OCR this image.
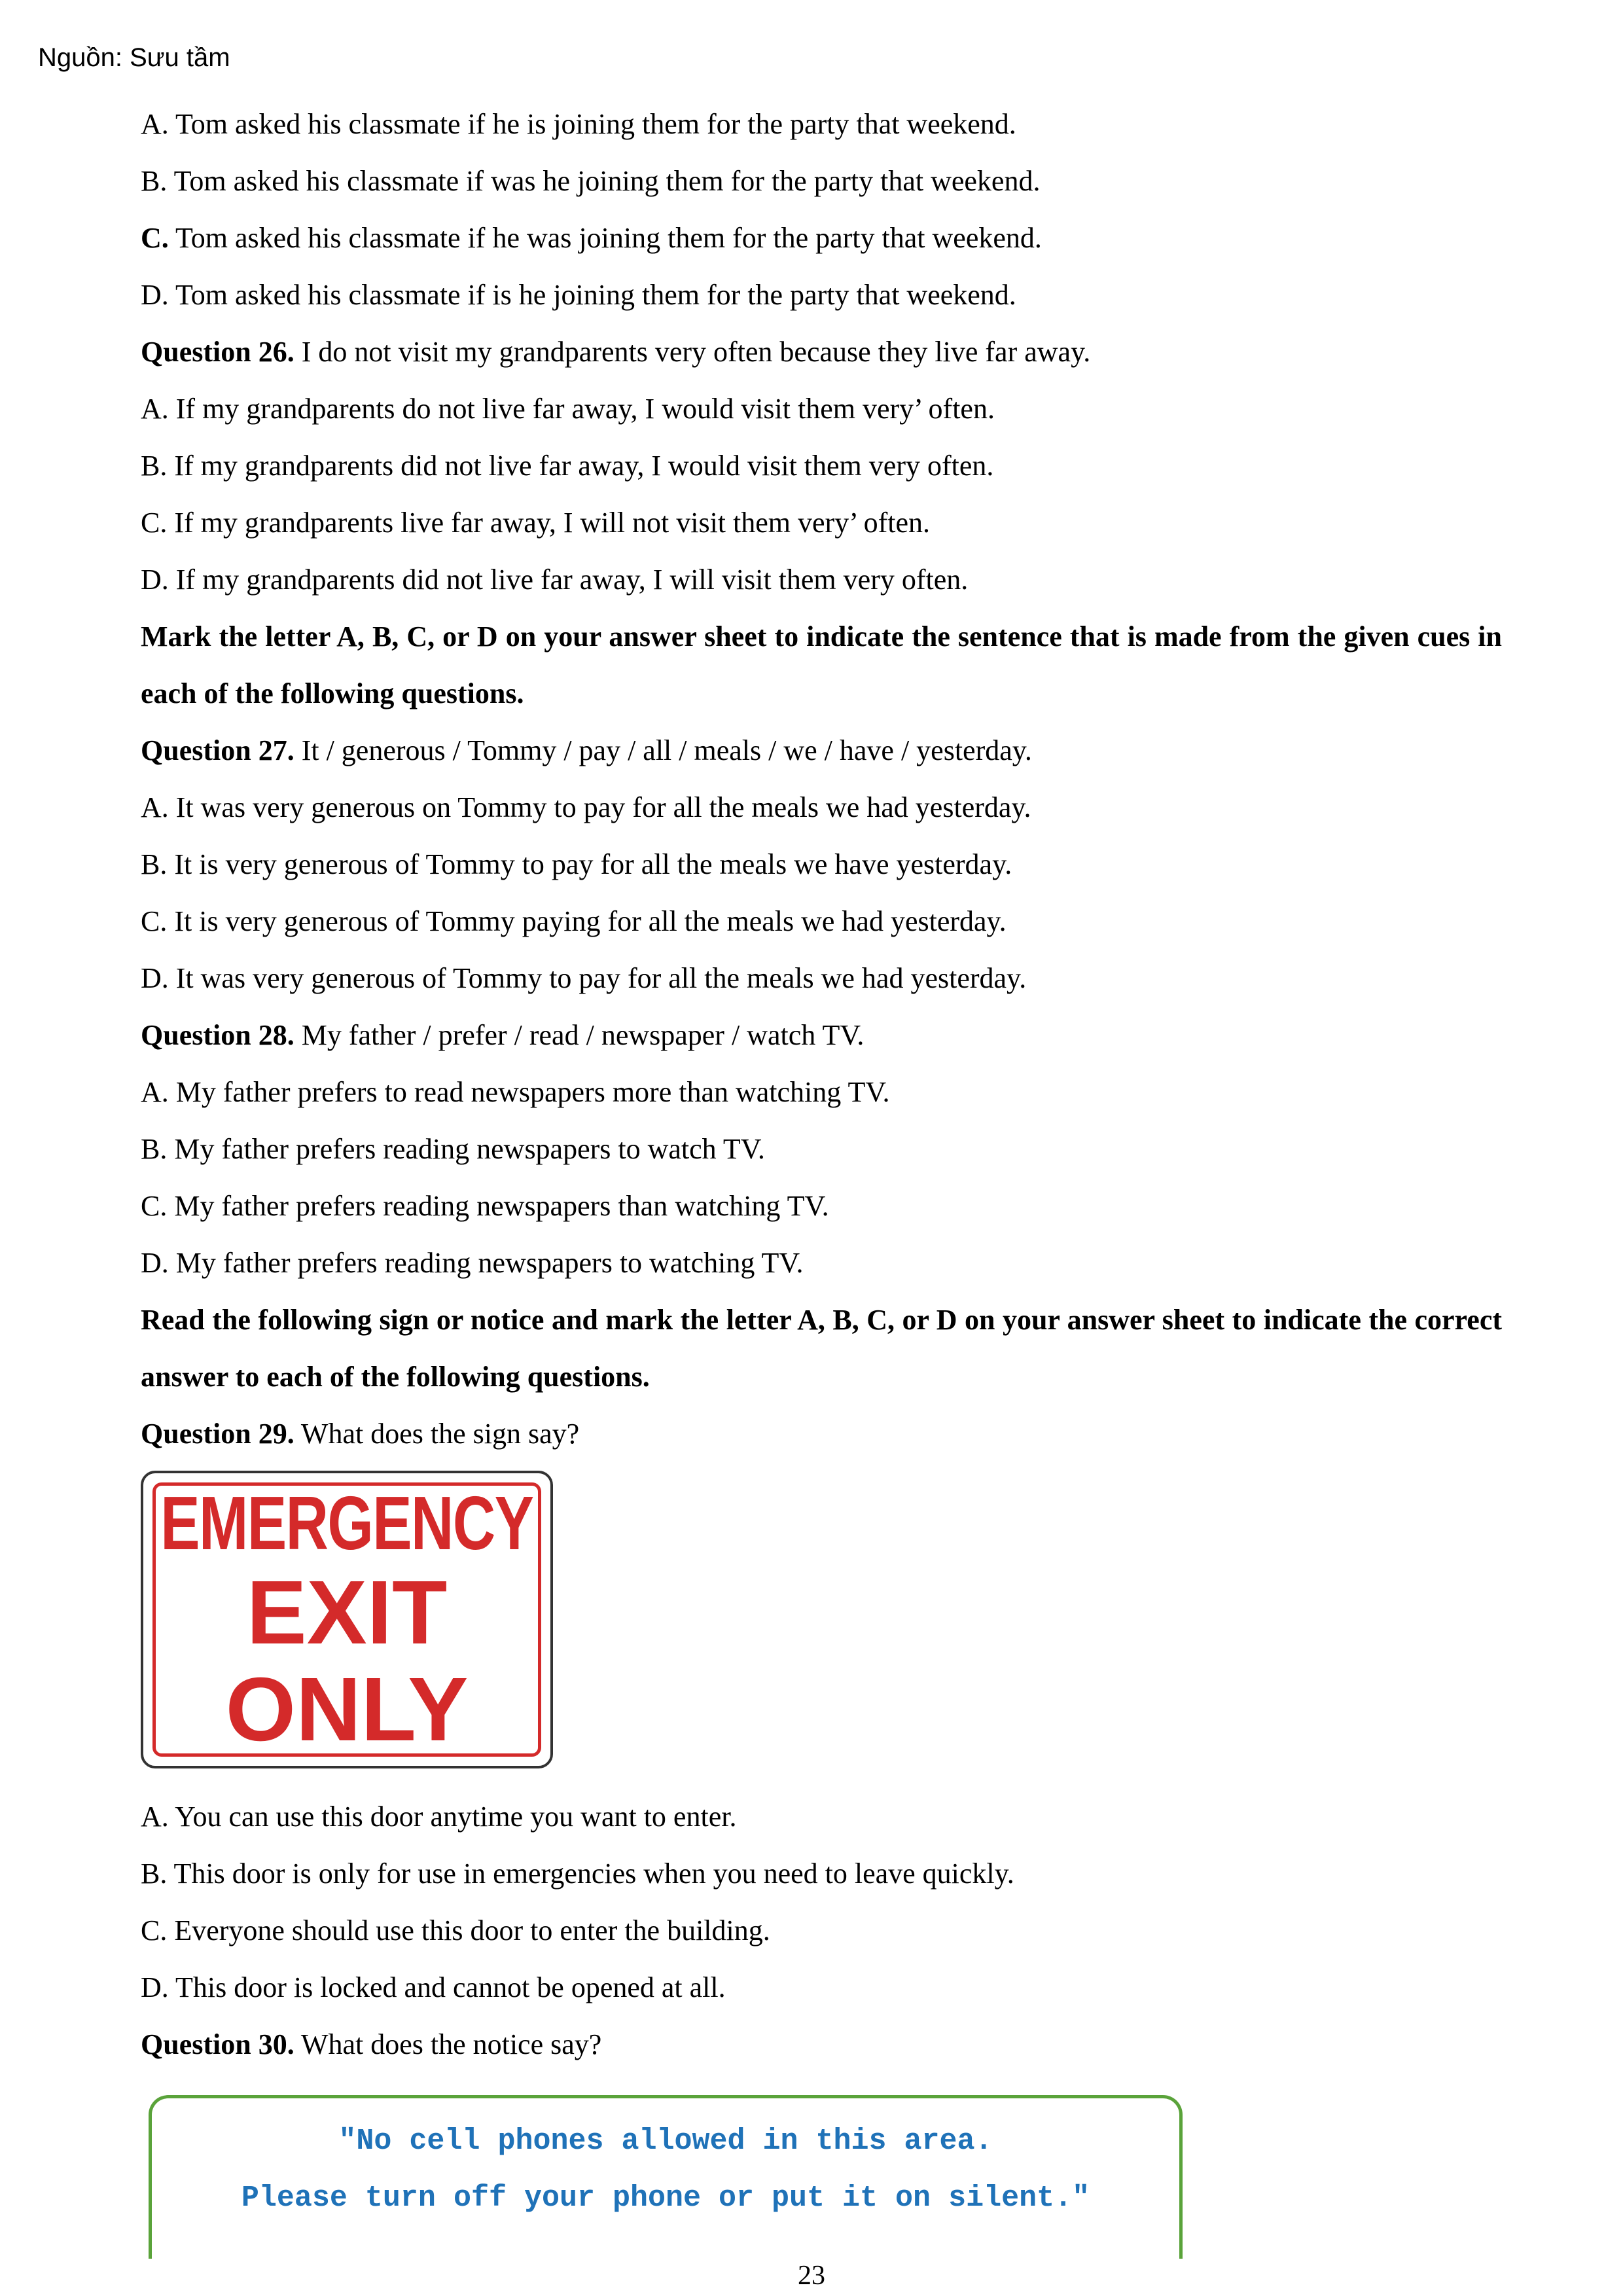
Nguồn: Sưu tầm
A. Tom asked his classmate if he is joining them for the party that weekend.
B. Tom asked his classmate if was he joining them for the party that weekend.
C. Tom asked his classmate if he was joining them for the party that weekend.
D. Tom asked his classmate if is he joining them for the party that weekend.
Question 26. I do not visit my grandparents very often because they live far away.
A. If my grandparents do not live far away, I would visit them very’ often.
B. If my grandparents did not live far away, I would visit them very often.
C. If my grandparents live far away, I will not visit them very’ often.
D. If my grandparents did not live far away, I will visit them very often.
Mark the letter A, B, C, or D on your answer sheet to indicate the sentence that is made from the given cues in each of the following questions.
Question 27. It / generous / Tommy / pay / all / meals / we / have / yesterday.
A. It was very generous on Tommy to pay for all the meals we had yesterday.
B. It is very generous of Tommy to pay for all the meals we have yesterday.
C. It is very generous of Tommy paying for all the meals we had yesterday.
D. It was very generous of Tommy to pay for all the meals we had yesterday.
Question 28. My father / prefer / read / newspaper / watch TV.
A. My father prefers to read newspapers more than watching TV.
B. My father prefers reading newspapers to watch TV.
C. My father prefers reading newspapers than watching TV.
D. My father prefers reading newspapers to watching TV.
Read the following sign or notice and mark the letter A, B, C, or D on your answer sheet to indicate the correct answer to each of the following questions.
Question 29. What does the sign say?
EMERGENCY
EXIT
ONLY
A. You can use this door anytime you want to enter.
B. This door is only for use in emergencies when you need to leave quickly.
C. Everyone should use this door to enter the building.
D. This door is locked and cannot be opened at all.
Question 30. What does the notice say?
"No cell phones allowed in this area.
Please turn off your phone or put it on silent."
23
